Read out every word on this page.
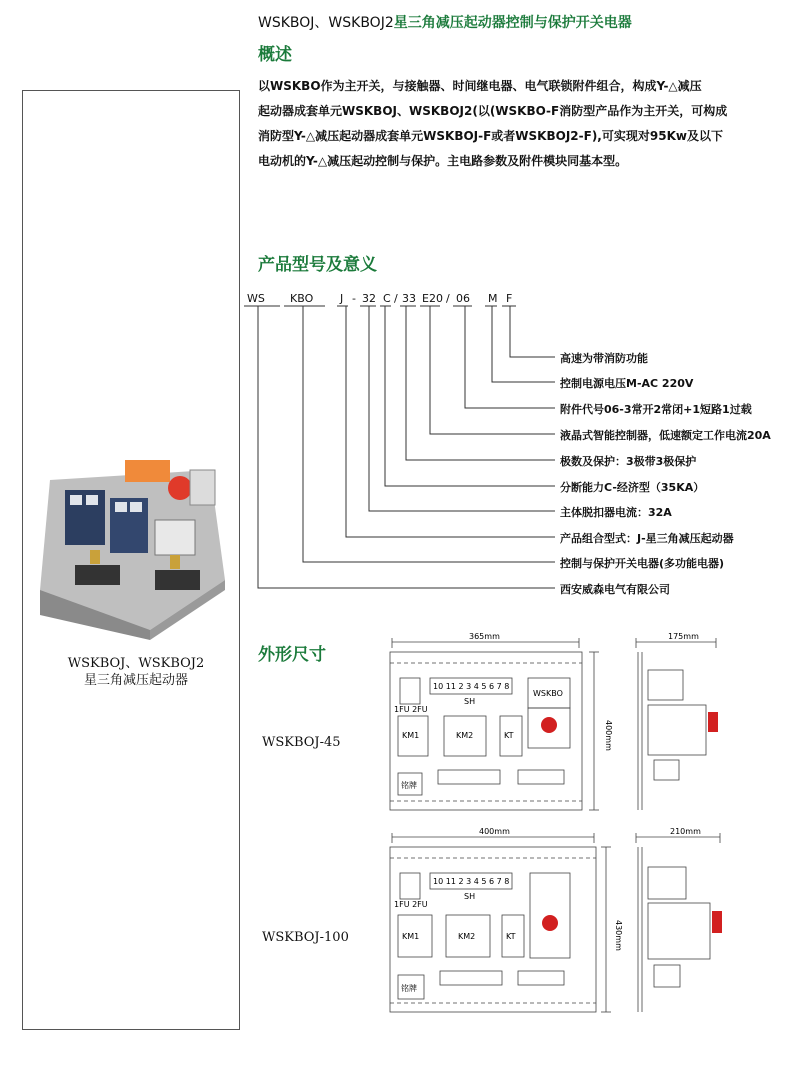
WSKBOJ、WSKBOJ2星三角减压起动器控制与保护开关电器
概述
以WSKBO作为主开关，与接触器、时间继电器、电气联锁附件组合，构成Y-△减压
起动器成套单元WSKBOJ、WSKBOJ2(以(WSKBO-F消防型产品作为主开关，可构成
消防型Y-△减压起动器成套单元WSKBOJ-F或者WSKBOJ2-F),可实现对95Kw及以下
电动机的Y-△减压起动控制与保护。主电路参数及附件模块同基本型。
WSKBOJ、WSKBOJ2
星三角减压起动器
产品型号及意义
WS KBO J - 32 C / 33 E20 / 06 M F
高速为带消防功能
控制电源电压M-AC 220V
附件代号06-3常开2常闭+1短路1过载
液晶式智能控制器，低速额定工作电流20A
极数及保护：3极带3极保护
分断能力C-经济型（35KA）
主体脱扣器电流：32A
产品组合型式：J-星三角减压起动器
控制与保护开关电器(多功能电器)
西安威森电气有限公司
外形尺寸
WSKBOJ-45
WSKBOJ-100
365mm
400mm
SH
10 11 2 3 4 5 6 7 8
WSKBO
KM1	KM2	KT
铭牌
1FU 2FU
175mm
400mm
430mm
SH
10 11 2 3 4 5 6 7 8
KM1	KM2	KT
铭牌
1FU 2FU
210mm
